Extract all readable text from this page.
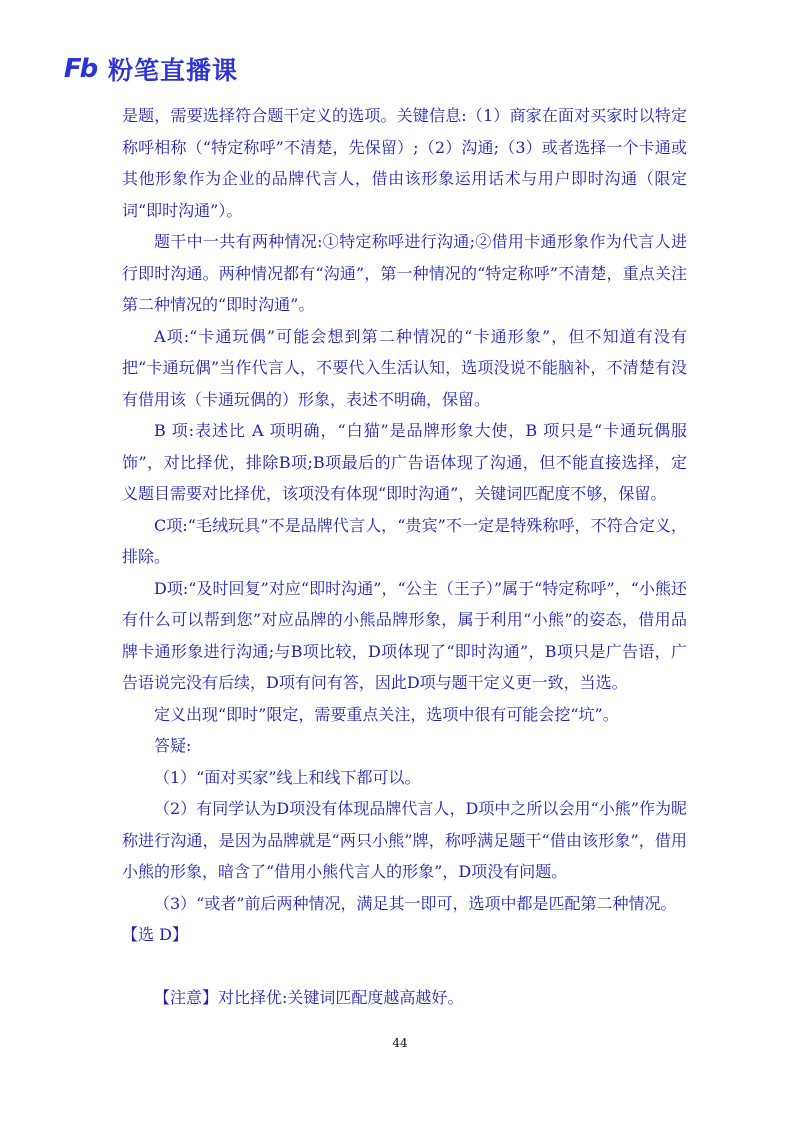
Fb 粉笔直播课

是题，需要选择符合题干定义的选项。关键信息:（1）商家在面对买家时以特定称呼相称（“特定称呼”不清楚，先保留）;（2）沟通;（3）或者选择一个卡通或其他形象作为企业的品牌代言人，借由该形象运用话术与用户即时沟通（限定词“即时沟通”）。

题干中一共有两种情况:①特定称呼进行沟通;②借用卡通形象作为代言人进行即时沟通。两种情况都有“沟通”，第一种情况的“特定称呼”不清楚，重点关注第二种情况的“即时沟通”。

A项:“卡通玩偶”可能会想到第二种情况的“卡通形象”，但不知道有没有把“卡通玩偶”当作代言人，不要代入生活认知，选项没说不能脑补，不清楚有没有借用该（卡通玩偶的）形象，表述不明确，保留。

B 项:表述比 A 项明确，“白猫”是品牌形象大使，B 项只是“卡通玩偶服饰”，对比择优，排除B项;B项最后的广告语体现了沟通，但不能直接选择，定义题目需要对比择优，该项没有体现“即时沟通”，关键词匹配度不够，保留。

C项:“毛绒玩具”不是品牌代言人，“贵宾”不一定是特殊称呼，不符合定义，排除。

D项:“及时回复”对应“即时沟通”，“公主（王子）”属于“特定称呼”，“小熊还有什么可以帮到您”对应品牌的小熊品牌形象，属于利用“小熊”的姿态，借用品牌卡通形象进行沟通;与B项比较，D项体现了“即时沟通”，B项只是广告语，广告语说完没有后续，D项有问有答，因此D项与题干定义更一致，当选。

定义出现“即时”限定，需要重点关注，选项中很有可能会挖“坑”。

答疑:

（1）“面对买家”线上和线下都可以。

（2）有同学认为D项没有体现品牌代言人，D项中之所以会用“小熊”作为昵称进行沟通，是因为品牌就是“两只小熊”牌，称呼满足题干“借由该形象”，借用小熊的形象，暗含了“借用小熊代言人的形象”，D项没有问题。

（3）“或者”前后两种情况，满足其一即可，选项中都是匹配第二种情况。

【选 D】

【注意】对比择优:关键词匹配度越高越好。

44
